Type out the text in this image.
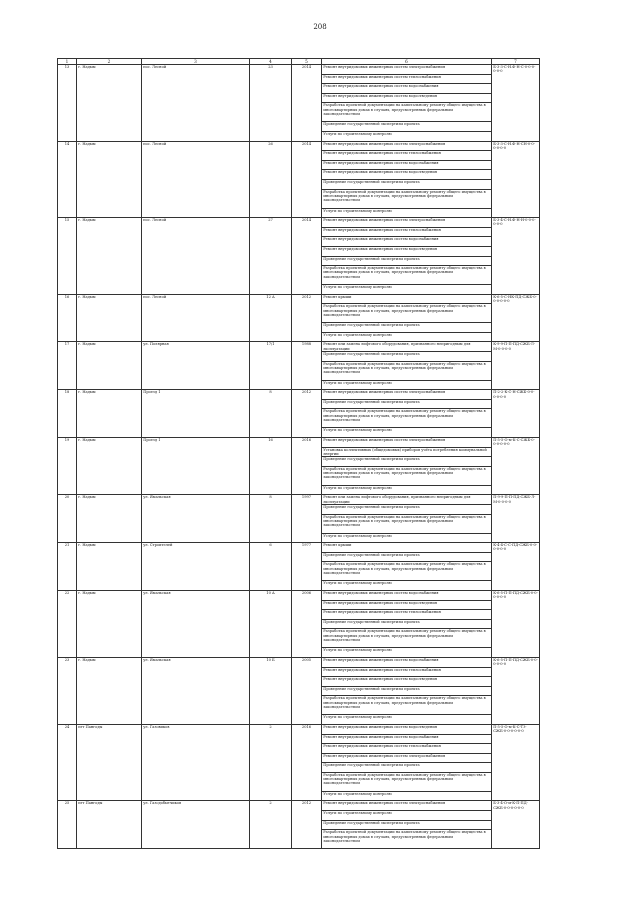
208
1	2	3	4	5	6	7
13	г. Надым	пос. Лесной	23	2014	Ремонт внутридомовых инженерных систем электроснабжения	Б-3-3-С-Н.Ф-Н-С-0-0-0-0-0-0
					Ремонт внутридомовых инженерных систем теплоснабжения	
					Ремонт внутридомовых инженерных систем водоснабжения	
					Ремонт внутридомовых инженерных систем водоотведения	
					Разработка проектной документации на капитальному ремонту общего имущества в многоквартирных домах в случаях, предусмотренных федеральным законодательством	
					Проведение государственной экспертизы проекта	
					Услуги по строительному контролю	
14	г. Надым	пос. Лесной	26	2014	Ремонт внутридомовых инженерных систем электроснабжения	Б-3-3-С-Н.Ф-Н-СН-0-0-0-0-0-0
					Ремонт внутридомовых инженерных систем теплоснабжения	
					Ремонт внутридомовых инженерных систем водоснабжения	
					Ремонт внутридомовых инженерных систем водоотведения	
					Проведение государственной экспертизы проекта	
					Разработка проектной документации на капитальному ремонту общего имущества в многоквартирных домах в случаях, предусмотренных федеральным законодательством	
					Услуги по строительному контролю	
15	г. Надым	пос. Лесной	27	2014	Ремонт внутридомовых инженерных систем электроснабжения	Б-3-4-С-Н.Ф-Н-Н-0-0-0-0-0-0
					Ремонт внутридомовых инженерных систем теплоснабжения	
					Ремонт внутридомовых инженерных систем водоснабжения	
					Ремонт внутридомовых инженерных систем водоотведения	
					Проведение государственной экспертизы проекта	
					Разработка проектной документации на капитальному ремонту общего имущества в многоквартирных домах в случаях, предусмотренных федеральным законодательством	
					Услуги по строительному контролю	
16	г. Надым	пос. Лесной	12 А	2012	Ремонт крыши	К-6-5-С-НК-ПД-СЖБ-0-0-0-0-0-0
					Разработка проектной документации на капитальному ремонту общего имущества в многоквартирных домах в случаях, предусмотренных федеральным законодательством	
					Проведение государственной экспертизы проекта	
					Услуги по строительному контролю	
17	г. Надым	ул. Полярная	17/1	1988	Ремонт или замена лифтового оборудования, признанного непригодным для эксплуатации	К-9-9-П-П-ПД-СЖБ-Л-М-0-0-0-0
					Проведение государственной экспертизы проекта	
					Разработка проектной документации на капитальному ремонту общего имущества в многоквартирных домах в случаях, предусмотренных федеральным законодательством	
					Услуги по строительному контролю	
18	г. Надым	Проезд 1	8	2012	Ремонт внутридомовых инженерных систем электроснабжения	П-2-2-К-С-Н-СЖБ-0-0-0-0-0-0
					Проведение государственной экспертизы проекта	
					Разработка проектной документации на капитальному ремонту общего имущества в многоквартирных домах в случаях, предусмотренных федеральным законодательством	
					Услуги по строительному контролю	
19	г. Надым	Проезд 1	16	2016	Ремонт внутридомовых инженерных систем электроснабжения	П-5-5-О-м-К-С-СЖБ-0-0-0-0-0-0
					Установка коллективных (общедомовых) приборов учёта потребления коммунальной энергии	
					Проведение государственной экспертизы проекта	
					Разработка проектной документации на капитальному ремонту общего имущества в многоквартирных домах в случаях, предусмотренных федеральным законодательством	
					Услуги по строительному контролю	
20	г. Надым	ул. Ямальская	8	1997	Ремонт или замена лифтового оборудования, признанного непригодным для эксплуатации	П-9-9-П-П-ПД-СЖБ-Л-М-0-0-0-0
					Проведение государственной экспертизы проекта	
					Разработка проектной документации на капитальному ремонту общего имущества в многоквартирных домах в случаях, предусмотренных федеральным законодательством	
					Услуги по строительному контролю	
21	г. Надым	ул. Строителей	6	1977	Ремонт крыши	К-4-4-С-С-ПД-СЖБ-0-0-0-0-0-0
					Проведение государственной экспертизы проекта	
					Разработка проектной документации на капитальному ремонту общего имущества в многоквартирных домах в случаях, предусмотренных федеральным законодательством	
					Услуги по строительному контролю	
22	г. Надым	ул. Ямальская	10 А	2006	Ремонт внутридомовых инженерных систем водоснабжения	К-6-5-П-П-ПД-СЖБ-0-0-0-0-0-0
					Ремонт внутридомовых инженерных систем водоотведения	
					Ремонт внутридомовых инженерных систем теплоснабжения	
					Проведение государственной экспертизы проекта	
					Разработка проектной документации на капитальному ремонту общего имущества в многоквартирных домах в случаях, предусмотренных федеральным законодательством	
					Услуги по строительному контролю	
23	г. Надым	ул. Ямальская	10 Б	2005	Ремонт внутридомовых инженерных систем водоснабжения	К-6-5-П-П-ПД-СЖБ-0-0-0-0-0-0
					Ремонт внутридомовых инженерных систем теплоснабжения	
					Ремонт внутридомовых инженерных систем водоотведения	
					Проведение государственной экспертизы проекта	
					Разработка проектной документации на капитальному ремонту общего имущества в многоквартирных домах в случаях, предусмотренных федеральным законодательством	
					Услуги по строительному контролю	
24	пгт Пангоды	ул. Газовиков	2	2016	Ремонт внутридомовых инженерных систем водоотведения	П-5-5-О-м-К-С-ТЗ-СЖБ-0-0-0-0-0-0
					Ремонт внутридомовых инженерных систем водоснабжения	
					Ремонт внутридомовых инженерных систем теплоснабжения	
					Ремонт внутридомовых инженерных систем электроснабжения	
					Проведение государственной экспертизы проекта	
					Разработка проектной документации на капитальному ремонту общего имущества в многоквартирных домах в случаях, предусмотренных федеральным законодательством	
					Услуги по строительному контролю	
25	пгт Пангоды	ул. Газодобытчиков	2	2012	Ремонт внутридомовых инженерных систем электроснабжения	Б-3-4-О-м-К-П-ПД-СЖБ-0-0-0-0-0-0
					Услуги по строительному контролю	
					Проведение государственной экспертизы проекта	
					Разработка проектной документации на капитальному ремонту общего имущества в многоквартирных домах в случаях, предусмотренных федеральным законодательством	
